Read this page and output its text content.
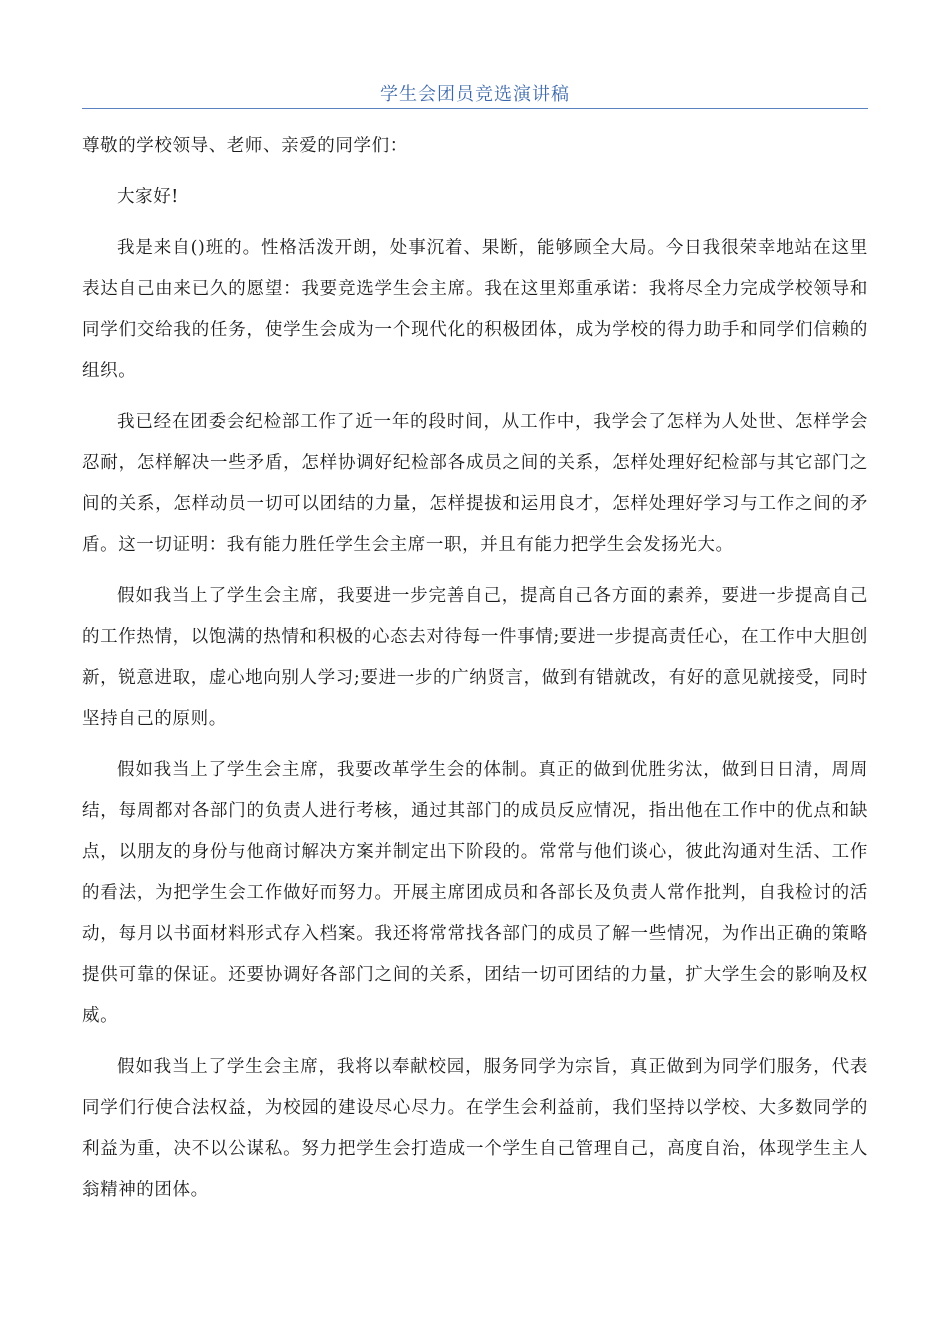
学生会团员竞选演讲稿

尊敬的学校领导、老师、亲爱的同学们：

大家好!

我是来自()班的。性格活泼开朗，处事沉着、果断，能够顾全大局。今日我很荣幸地站在这里表达自己由来已久的愿望：我要竞选学生会主席。我在这里郑重承诺：我将尽全力完成学校领导和同学们交给我的任务，使学生会成为一个现代化的积极团体，成为学校的得力助手和同学们信赖的组织。

我已经在团委会纪检部工作了近一年的段时间，从工作中，我学会了怎样为人处世、怎样学会忍耐，怎样解决一些矛盾，怎样协调好纪检部各成员之间的关系，怎样处理好纪检部与其它部门之间的关系，怎样动员一切可以团结的力量，怎样提拔和运用良才，怎样处理好学习与工作之间的矛盾。这一切证明：我有能力胜任学生会主席一职，并且有能力把学生会发扬光大。

假如我当上了学生会主席，我要进一步完善自己，提高自己各方面的素养，要进一步提高自己的工作热情，以饱满的热情和积极的心态去对待每一件事情;要进一步提高责任心，在工作中大胆创新，锐意进取，虚心地向别人学习;要进一步的广纳贤言，做到有错就改，有好的意见就接受，同时坚持自己的原则。

假如我当上了学生会主席，我要改革学生会的体制。真正的做到优胜劣汰，做到日日清，周周结，每周都对各部门的负责人进行考核，通过其部门的成员反应情况，指出他在工作中的优点和缺点，以朋友的身份与他商讨解决方案并制定出下阶段的。常常与他们谈心，彼此沟通对生活、工作的看法，为把学生会工作做好而努力。开展主席团成员和各部长及负责人常作批判，自我检讨的活动，每月以书面材料形式存入档案。我还将常常找各部门的成员了解一些情况，为作出正确的策略提供可靠的保证。还要协调好各部门之间的关系，团结一切可团结的力量，扩大学生会的影响及权威。

假如我当上了学生会主席，我将以奉献校园，服务同学为宗旨，真正做到为同学们服务，代表同学们行使合法权益，为校园的建设尽心尽力。在学生会利益前，我们坚持以学校、大多数同学的利益为重，决不以公谋私。努力把学生会打造成一个学生自己管理自己，高度自治，体现学生主人翁精神的团体。
